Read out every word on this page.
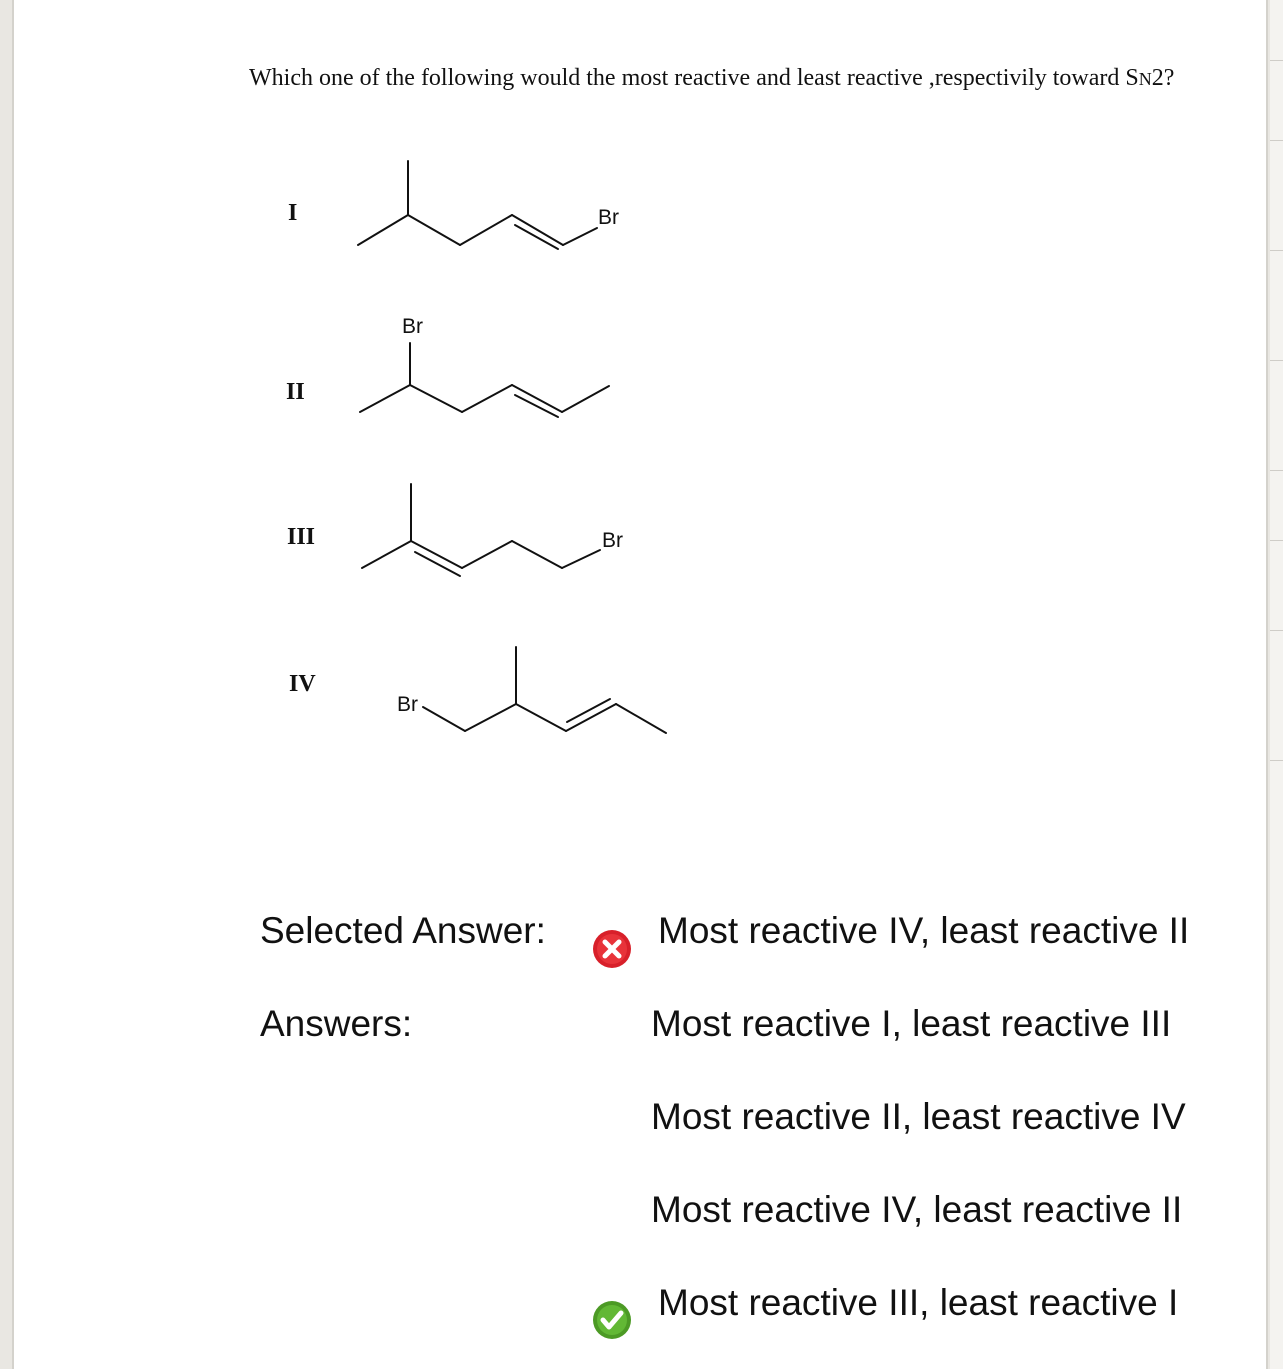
Which one of the following would the most reactive and least reactive ,respectivily toward SN2?

I
II
III
IV
Br
Br
Br
Br
Selected Answer:	Most reactive IV, least reactive II
Answers:	Most reactive I, least reactive III
Most reactive II, least reactive IV
Most reactive IV, least reactive II
Most reactive III, least reactive I
